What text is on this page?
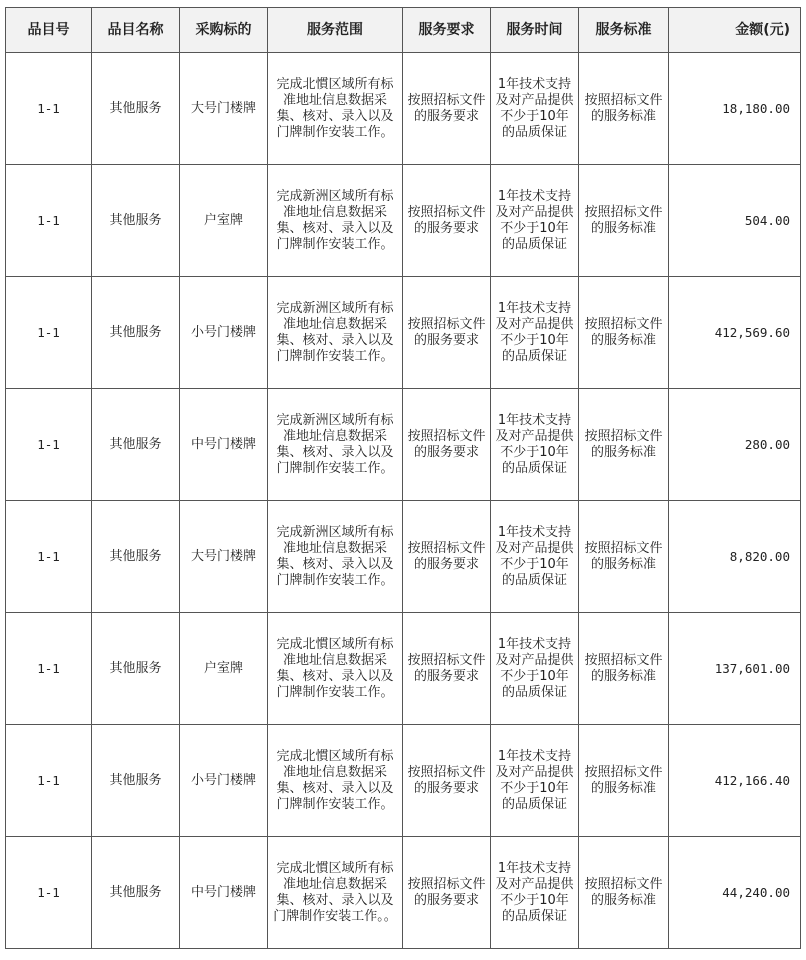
品目号	品目名称	采购标的	服务范围	服务要求	服务时间	服务标准	金额(元)
1-1	其他服务	大号门楼牌	完成北慣区域所有标准地址信息数据采集、核对、录入以及门牌制作安装工作。	按照招标文件的服务要求	1年技术支持及对产品提供不少于10年的品质保证	按照招标文件的服务标准	18,180.00
1-1	其他服务	户室牌	完成新洲区域所有标准地址信息数据采集、核对、录入以及门牌制作安装工作。	按照招标文件的服务要求	1年技术支持及对产品提供不少于10年的品质保证	按照招标文件的服务标准	504.00
1-1	其他服务	小号门楼牌	完成新洲区域所有标准地址信息数据采集、核对、录入以及门牌制作安装工作。	按照招标文件的服务要求	1年技术支持及对产品提供不少于10年的品质保证	按照招标文件的服务标准	412,569.60
1-1	其他服务	中号门楼牌	完成新洲区域所有标准地址信息数据采集、核对、录入以及门牌制作安装工作。	按照招标文件的服务要求	1年技术支持及对产品提供不少于10年的品质保证	按照招标文件的服务标准	280.00
1-1	其他服务	大号门楼牌	完成新洲区域所有标准地址信息数据采集、核对、录入以及门牌制作安装工作。	按照招标文件的服务要求	1年技术支持及对产品提供不少于10年的品质保证	按照招标文件的服务标准	8,820.00
1-1	其他服务	户室牌	完成北慣区域所有标准地址信息数据采集、核对、录入以及门牌制作安装工作。	按照招标文件的服务要求	1年技术支持及对产品提供不少于10年的品质保证	按照招标文件的服务标准	137,601.00
1-1	其他服务	小号门楼牌	完成北慣区域所有标准地址信息数据采集、核对、录入以及门牌制作安装工作。	按照招标文件的服务要求	1年技术支持及对产品提供不少于10年的品质保证	按照招标文件的服务标准	412,166.40
1-1	其他服务	中号门楼牌	完成北慣区域所有标准地址信息数据采集、核对、录入以及门牌制作安装工作。。	按照招标文件的服务要求	1年技术支持及对产品提供不少于10年的品质保证	按照招标文件的服务标准	44,240.00
